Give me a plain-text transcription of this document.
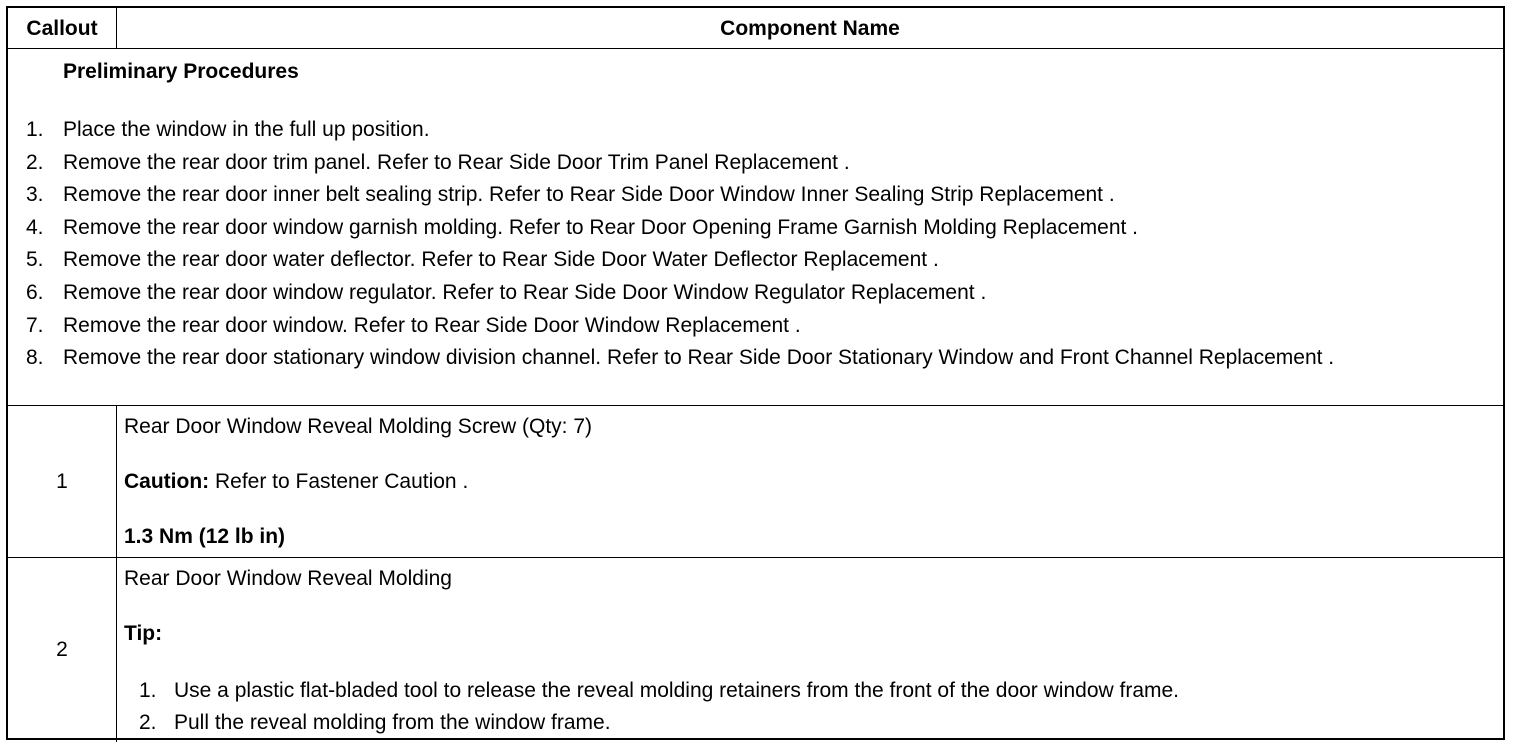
Callout	Component Name
Preliminary Procedures
1. Place the window in the full up position.
2. Remove the rear door trim panel. Refer to Rear Side Door Trim Panel Replacement .
3. Remove the rear door inner belt sealing strip. Refer to Rear Side Door Window Inner Sealing Strip Replacement .
4. Remove the rear door window garnish molding. Refer to Rear Door Opening Frame Garnish Molding Replacement .
5. Remove the rear door water deflector. Refer to Rear Side Door Water Deflector Replacement .
6. Remove the rear door window regulator. Refer to Rear Side Door Window Regulator Replacement .
7. Remove the rear door window. Refer to Rear Side Door Window Replacement .
8. Remove the rear door stationary window division channel. Refer to Rear Side Door Stationary Window and Front Channel Replacement .
1
Rear Door Window Reveal Molding Screw (Qty: 7)
Caution: Refer to Fastener Caution .
1.3 Nm (12 lb in)
2
Rear Door Window Reveal Molding
Tip:
1. Use a plastic flat-bladed tool to release the reveal molding retainers from the front of the door window frame.
2. Pull the reveal molding from the window frame.
